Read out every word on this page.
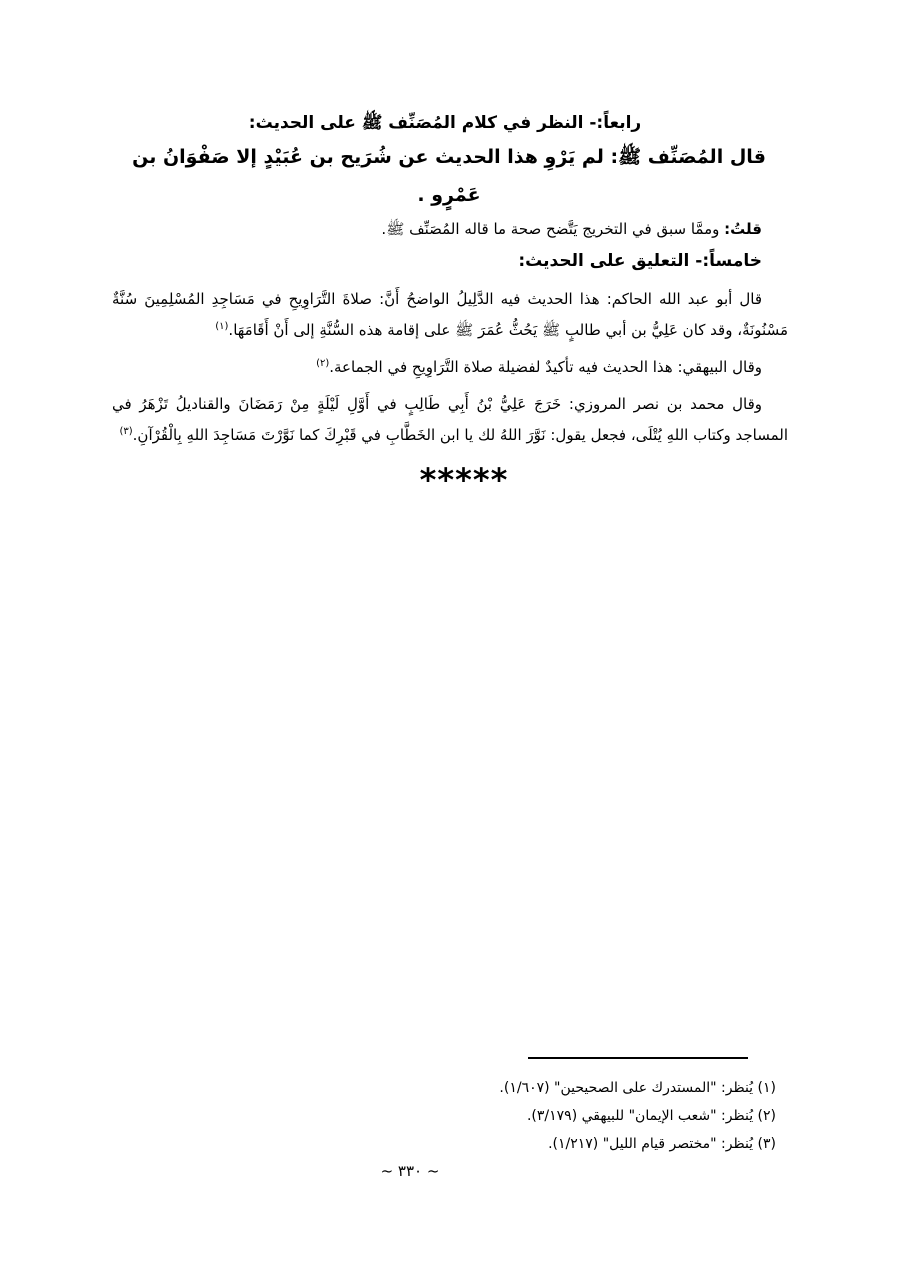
رابعاً:- النظر في كلام المُصَنِّف ﷺ على الحديث:

قال المُصَنِّف ﷺ: لم يَرْوِ هذا الحديث عن شُرَيح بن عُبَيْدٍ إلا صَفْوَانُ بن عَمْرٍو .

قلتُ: وممَّا سبق في التخريج يَتَّضح صحة ما قاله المُصَنِّف ﷺ.

خامساً:- التعليق على الحديث:

قال أبو عبد الله الحاكم: هذا الحديث فيه الدَّلِيلُ الواضحُ أَنَّ: صلاةَ التَّرَاوِيحِ في مَسَاجِدِ المُسْلِمِينَ سُنَّةٌ مَسْنُونَةٌ، وقد كان عَلِيُّ بن أبي طالبٍ ﷺ يَحُثُّ عُمَرَ ﷺ على إقامة هذه السُّنَّةِ إلى أَنْ أَقَامَهَا.$^{(١)}$

وقال البيهقي: هذا الحديث فيه تأكيدٌ لفضيلة صلاة التَّرَاوِيحِ في الجماعة.$^{(٢)}$

وقال محمد بن نصر المروزي: خَرَجَ عَلِيُّ بْنُ أَبِي طَالِبٍ في أَوَّلِ لَيْلَةٍ مِنْ رَمَضَانَ والقناديلُ تَزْهَرُ في المساجد وكتاب اللهِ يُتْلَى، فجعل يقول: نَوَّرَ اللهُ لك يا ابن الخَطَّابِ في قَبْرِكَ كما نَوَّرْتَ مَسَاجِدَ اللهِ بِالْقُرْآنِ.$^{(٣)}$

*****
(١) يُنظر: "المستدرك على الصحيحين" (١/٦٠٧).
(٢) يُنظر: "شعب الإيمان" للبيهقي (٣/١٧٩).
(٣) يُنظر: "مختصر قيام الليل" (١/٢١٧).
~ ٣٣٠ ~
